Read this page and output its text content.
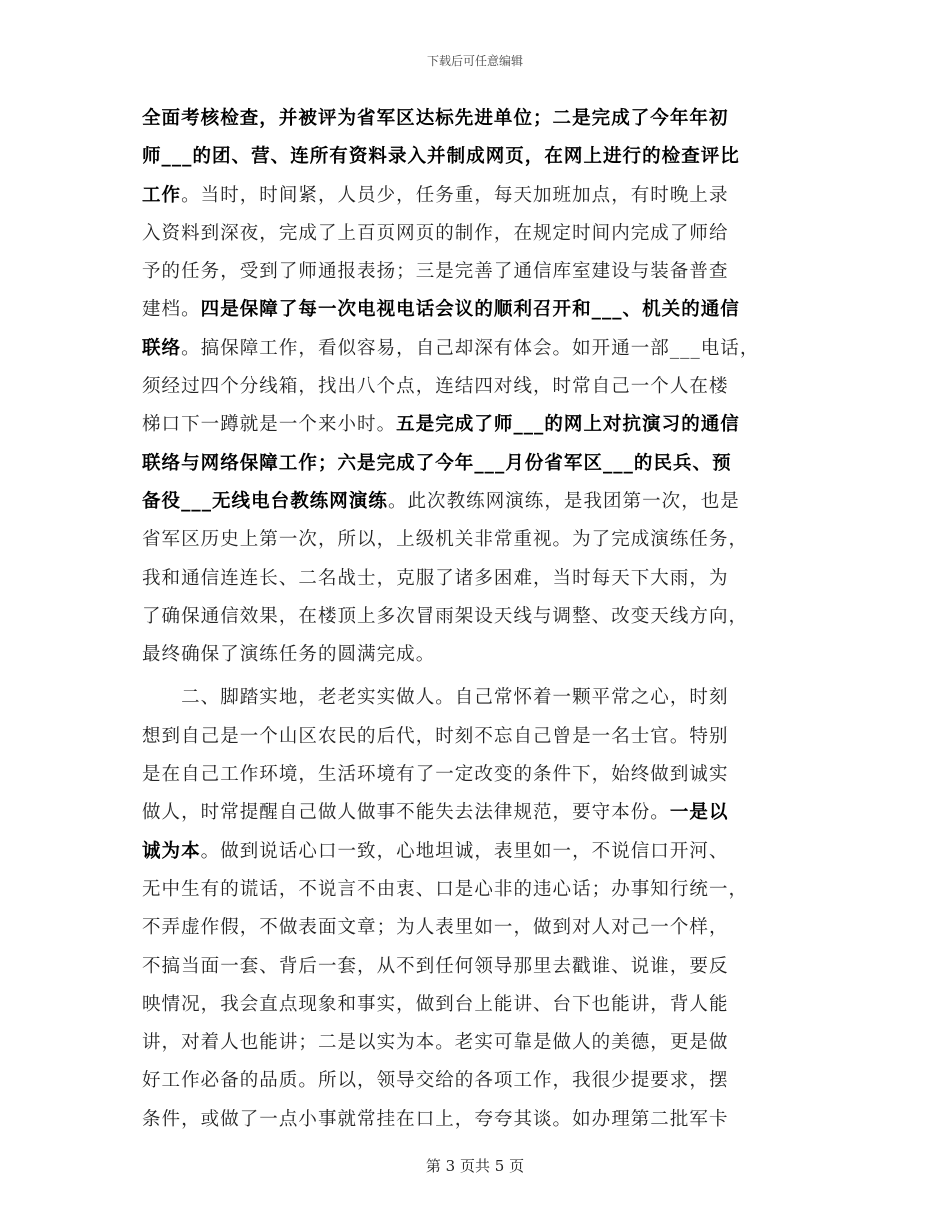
下载后可任意编辑
全面考核检查，并被评为省军区达标先进单位；二是完成了今年年初
师___的团、营、连所有资料录入并制成网页，在网上进行的检查评比
工作。当时，时间紧，人员少，任务重，每天加班加点，有时晚上录
入资料到深夜，完成了上百页网页的制作，在规定时间内完成了师给
予的任务，受到了师通报表扬；三是完善了通信库室建设与装备普查
建档。四是保障了每一次电视电话会议的顺利召开和___、机关的通信
联络。搞保障工作，看似容易，自己却深有体会。如开通一部___电话，
须经过四个分线箱，找出八个点，连结四对线，时常自己一个人在楼
梯口下一蹲就是一个来小时。五是完成了师___的网上对抗演习的通信
联络与网络保障工作；六是完成了今年___月份省军区___的民兵、预
备役___无线电台教练网演练。此次教练网演练，是我团第一次，也是
省军区历史上第一次，所以，上级机关非常重视。为了完成演练任务，
我和通信连连长、二名战士，克服了诸多困难，当时每天下大雨，为
了确保通信效果，在楼顶上多次冒雨架设天线与调整、改变天线方向，
最终确保了演练任务的圆满完成。
　　二、脚踏实地，老老实实做人。自己常怀着一颗平常之心，时刻
想到自己是一个山区农民的后代，时刻不忘自己曾是一名士官。特别
是在自己工作环境，生活环境有了一定改变的条件下，始终做到诚实
做人，时常提醒自己做人做事不能失去法律规范，要守本份。一是以
诚为本。做到说话心口一致，心地坦诚，表里如一，不说信口开河、
无中生有的谎话，不说言不由衷、口是心非的违心话；办事知行统一，
不弄虚作假，不做表面文章；为人表里如一，做到对人对己一个样，
不搞当面一套、背后一套，从不到任何领导那里去戳谁、说谁，要反
映情况，我会直点现象和事实，做到台上能讲、台下也能讲，背人能
讲，对着人也能讲；二是以实为本。老实可靠是做人的美德，更是做
好工作必备的品质。所以，领导交给的各项工作，我很少提要求，摆
条件，或做了一点小事就常挂在口上，夸夸其谈。如办理第二批军卡
第 3 页共 5 页
